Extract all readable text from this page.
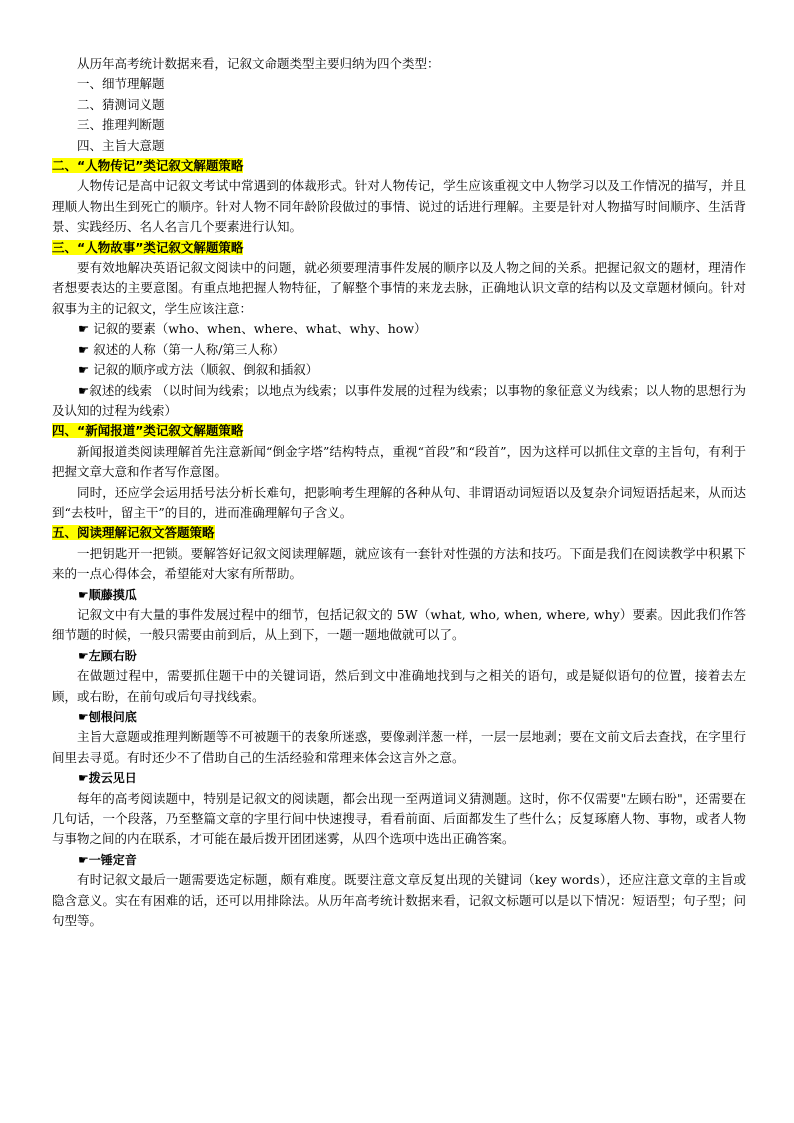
从历年高考统计数据来看，记叙文命题类型主要归纳为四个类型：

一、细节理解题

二、猜测词义题

三、推理判断题

四、主旨大意题

二、“人物传记”类记叙文解题策略

人物传记是高中记叙文考试中常遇到的体裁形式。针对人物传记，学生应该重视文中人物学习以及工作情况的描写，并且理顺人物出生到死亡的顺序。针对人物不同年龄阶段做过的事情、说过的话进行理解。主要是针对人物描写时间顺序、生活背景、实践经历、名人名言几个要素进行认知。

三、“人物故事”类记叙文解题策略

要有效地解决英语记叙文阅读中的问题，就必须要理清事件发展的顺序以及人物之间的关系。把握记叙文的题材，理清作者想要表达的主要意图。有重点地把握人物特征，了解整个事情的来龙去脉，正确地认识文章的结构以及文章题材倾向。针对叙事为主的记叙文，学生应该注意：

☛ 记叙的要素（who、when、where、what、why、how）

☛ 叙述的人称（第一人称/第三人称）

☛ 记叙的顺序或方法（顺叙、倒叙和插叙）

☛叙述的线索 （以时间为线索；以地点为线索；以事件发展的过程为线索；以事物的象征意义为线索；以人物的思想行为及认知的过程为线索）

四、“新闻报道”类记叙文解题策略

新闻报道类阅读理解首先注意新闻“倒金字塔”结构特点，重视“首段”和“段首”，因为这样可以抓住文章的主旨句，有利于把握文章大意和作者写作意图。

同时，还应学会运用括号法分析长难句，把影响考生理解的各种从句、非谓语动词短语以及复杂介词短语括起来，从而达到“去枝叶，留主干”的目的，进而准确理解句子含义。

五、阅读理解记叙文答题策略

一把钥匙开一把锁。要解答好记叙文阅读理解题，就应该有一套针对性强的方法和技巧。下面是我们在阅读教学中积累下来的一点心得体会，希望能对大家有所帮助。

☛顺藤摸瓜

记叙文中有大量的事件发展过程中的细节，包括记叙文的 5W（what, who, when, where, why）要素。因此我们作答细节题的时候，一般只需要由前到后，从上到下，一题一题地做就可以了。

☛左顾右盼

在做题过程中，需要抓住题干中的关键词语，然后到文中准确地找到与之相关的语句，或是疑似语句的位置，接着去左顾，或右盼，在前句或后句寻找线索。

☛刨根问底

主旨大意题或推理判断题等不可被题干的表象所迷惑，要像剥洋葱一样，一层一层地剥；要在文前文后去查找，在字里行间里去寻觅。有时还少不了借助自己的生活经验和常理来体会这言外之意。

☛拨云见日

每年的高考阅读题中，特别是记叙文的阅读题，都会出现一至两道词义猜测题。这时，你不仅需要"左顾右盼"，还需要在几句话，一个段落，乃至整篇文章的字里行间中快速搜寻，看看前面、后面都发生了些什么；反复琢磨人物、事物，或者人物与事物之间的内在联系，才可能在最后拨开团团迷雾，从四个选项中选出正确答案。

☛一锤定音

有时记叙文最后一题需要选定标题，颇有难度。既要注意文章反复出现的关键词（key words），还应注意文章的主旨或隐含意义。实在有困难的话，还可以用排除法。从历年高考统计数据来看，记叙文标题可以是以下情况：短语型；句子型；问句型等。
